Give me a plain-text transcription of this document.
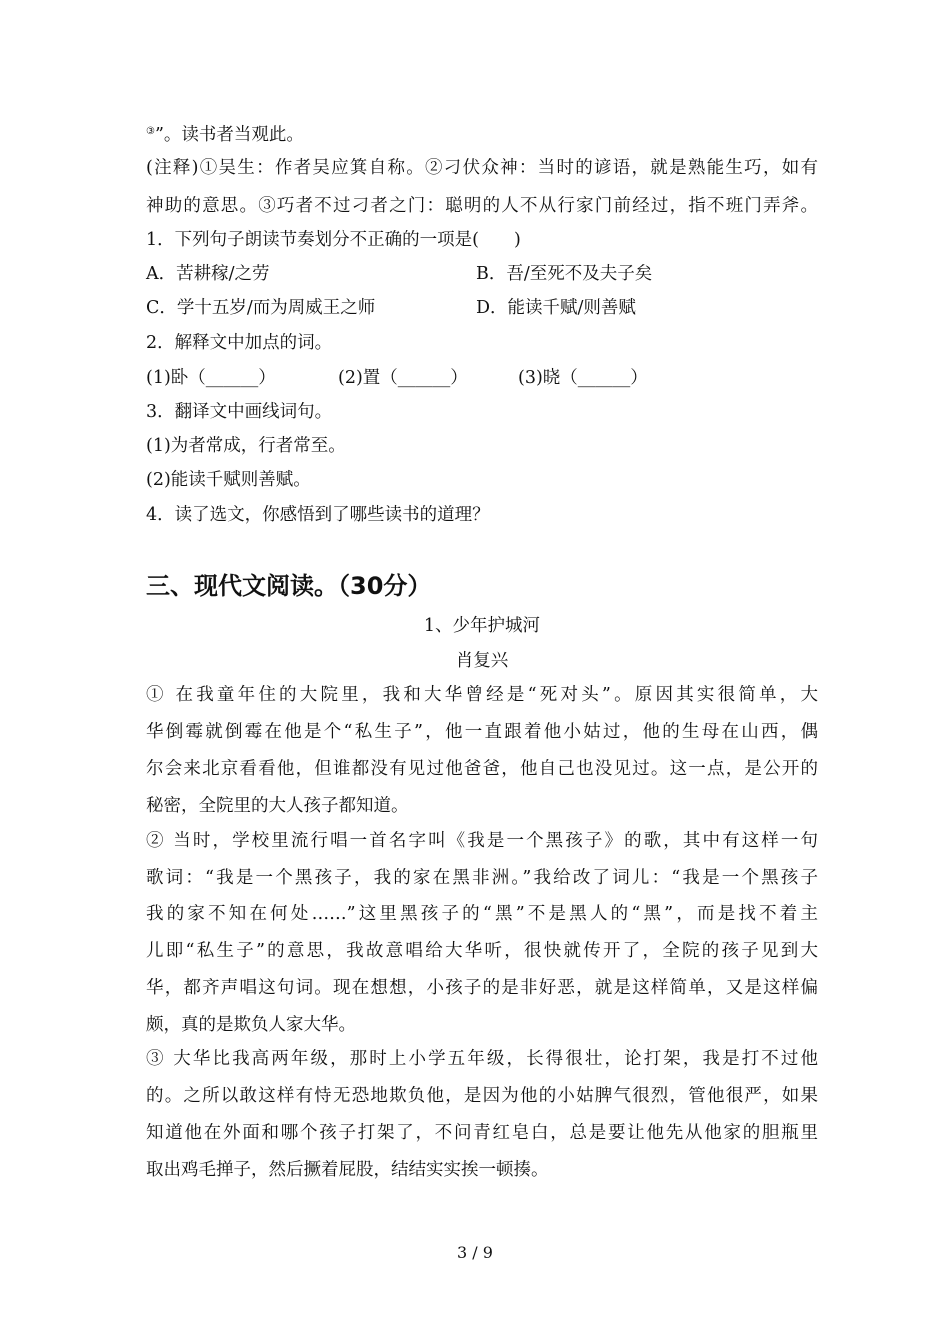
③”。读书者当观此。
(注释)①吴生：作者吴应箕自称。②刁伏众神：当时的谚语，就是熟能生巧，如有
神助的意思。③巧者不过刁者之门：聪明的人不从行家门前经过，指不班门弄斧。
1．下列句子朗读节奏划分不正确的一项是(　　)
A．苦耕稼/之劳	B．吾/至死不及夫子矣
C．学十五岁/而为周威王之师	D．能读千赋/则善赋
2．解释文中加点的词。
(1)卧（______）	(2)置（______）	(3)晓（______）
3．翻译文中画线词句。
(1)为者常成，行者常至。
(2)能读千赋则善赋。
4．读了选文，你感悟到了哪些读书的道理？
三、现代文阅读。（30分）
1、少年护城河
肖复兴
① 在我童年住的大院里，我和大华曾经是“死对头”。原因其实很简单，大
华倒霉就倒霉在他是个“私生子”，他一直跟着他小姑过，他的生母在山西，偶
尔会来北京看看他，但谁都没有见过他爸爸，他自己也没见过。这一点，是公开的
秘密，全院里的大人孩子都知道。
② 当时，学校里流行唱一首名字叫《我是一个黑孩子》的歌，其中有这样一句
歌词：“我是一个黑孩子，我的家在黑非洲。”我给改了词儿：“我是一个黑孩子
我的家不知在何处……”这里黑孩子的“黑”不是黑人的“黑”，而是找不着主
儿即“私生子”的意思，我故意唱给大华听，很快就传开了，全院的孩子见到大
华，都齐声唱这句词。现在想想，小孩子的是非好恶，就是这样简单，又是这样偏
颇，真的是欺负人家大华。
③ 大华比我高两年级，那时上小学五年级，长得很壮，论打架，我是打不过他
的。之所以敢这样有恃无恐地欺负他，是因为他的小姑脾气很烈，管他很严，如果
知道他在外面和哪个孩子打架了，不问青红皂白，总是要让他先从他家的胆瓶里
取出鸡毛掸子，然后撅着屁股，结结实实挨一顿揍。
3 / 9
